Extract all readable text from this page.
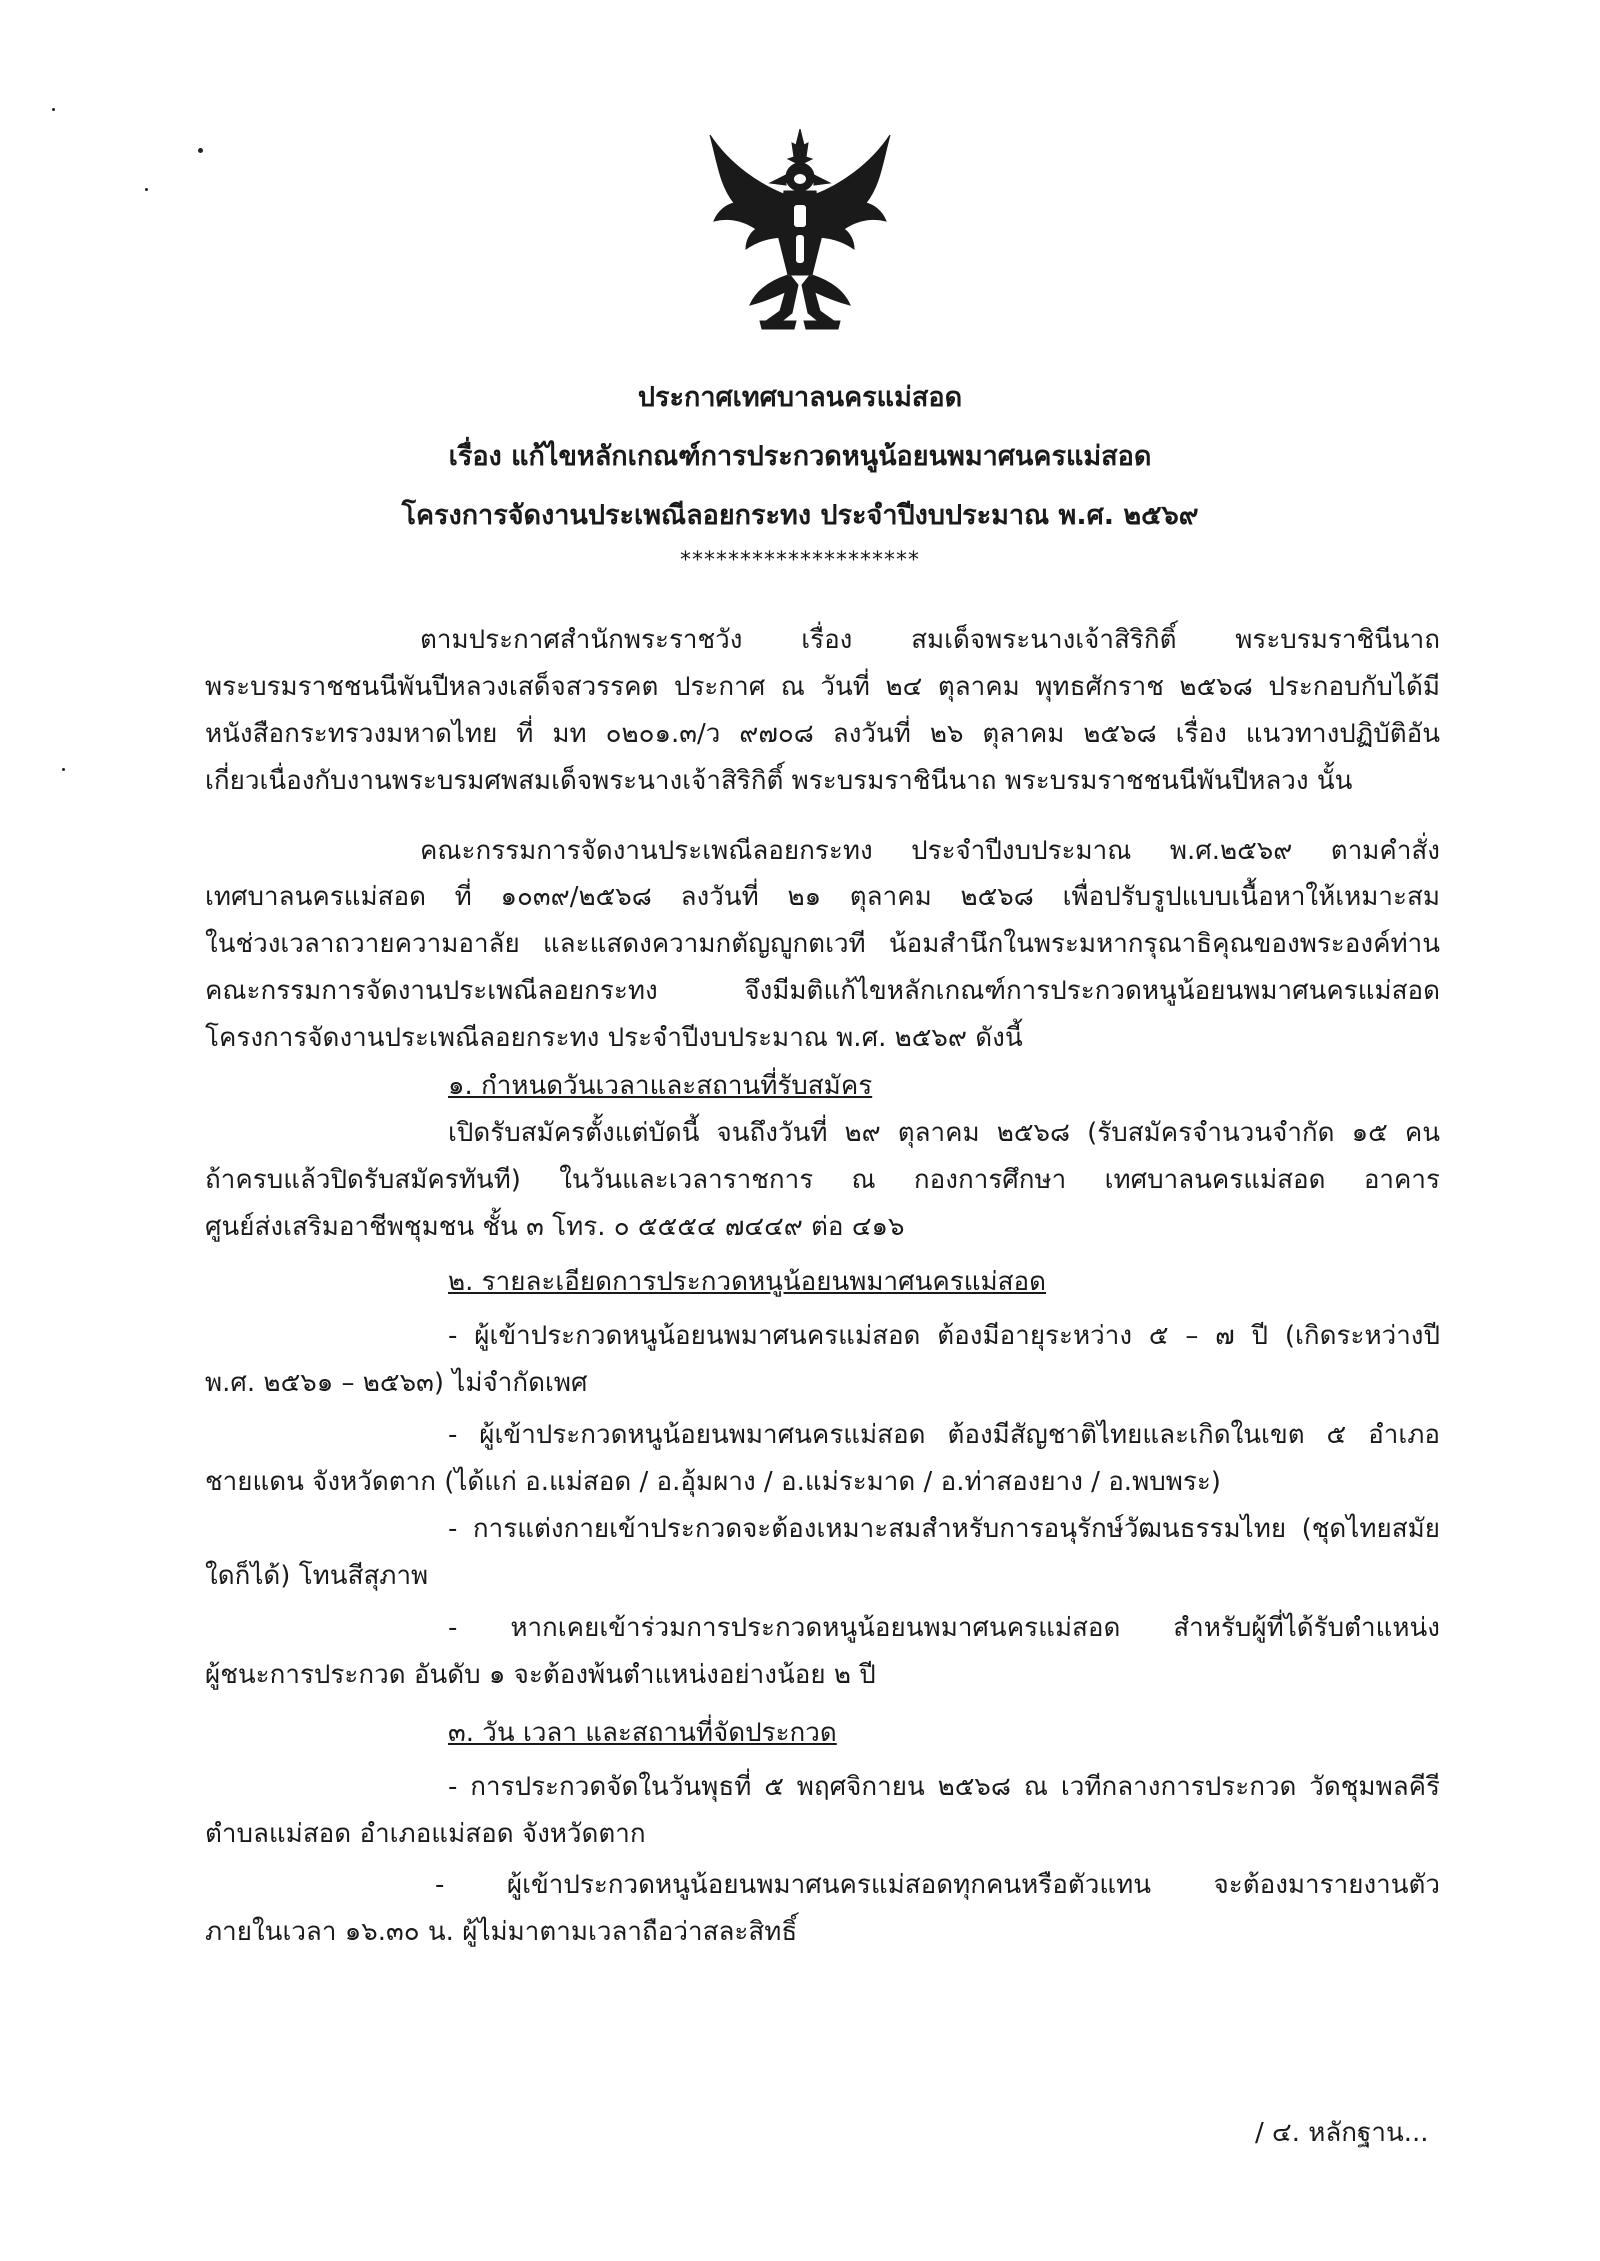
ประกาศเทศบาลนครแม่สอด
เรื่อง แก้ไขหลักเกณฑ์การประกวดหนูน้อยนพมาศนครแม่สอด
โครงการจัดงานประเพณีลอยกระทง ประจำปีงบประมาณ พ.ศ. ๒๕๖๙
********************
ตามประกาศสำนักพระราชวัง เรื่อง สมเด็จพระนางเจ้าสิริกิติ์ พระบรมราชินีนาถ
พระบรมราชชนนีพันปีหลวงเสด็จสวรรคต ประกาศ ณ วันที่ ๒๔ ตุลาคม พุทธศักราช ๒๕๖๘ ประกอบกับได้มี
หนังสือกระทรวงมหาดไทย ที่ มท ๐๒๐๑.๓/ว ๙๗๐๘ ลงวันที่ ๒๖ ตุลาคม ๒๕๖๘ เรื่อง แนวทางปฏิบัติอัน
เกี่ยวเนื่องกับงานพระบรมศพสมเด็จพระนางเจ้าสิริกิติ์ พระบรมราชินีนาถ พระบรมราชชนนีพันปีหลวง นั้น
คณะกรรมการจัดงานประเพณีลอยกระทง ประจำปีงบประมาณ พ.ศ.๒๕๖๙ ตามคำสั่ง
เทศบาลนครแม่สอด ที่ ๑๐๓๙/๒๕๖๘ ลงวันที่ ๒๑ ตุลาคม ๒๕๖๘ เพื่อปรับรูปแบบเนื้อหาให้เหมาะสม
ในช่วงเวลาถวายความอาลัย และแสดงความกตัญญูกตเวที น้อมสำนึกในพระมหากรุณาธิคุณของพระองค์ท่าน
คณะกรรมการจัดงานประเพณีลอยกระทง จึงมีมติแก้ไขหลักเกณฑ์การประกวดหนูน้อยนพมาศนครแม่สอด
โครงการจัดงานประเพณีลอยกระทง ประจำปีงบประมาณ พ.ศ. ๒๕๖๙ ดังนี้
๑. กำหนดวันเวลาและสถานที่รับสมัคร
เปิดรับสมัครตั้งแต่บัดนี้ จนถึงวันที่ ๒๙ ตุลาคม ๒๕๖๘ (รับสมัครจำนวนจำกัด ๑๕ คน
ถ้าครบแล้วปิดรับสมัครทันที) ในวันและเวลาราชการ ณ กองการศึกษา เทศบาลนครแม่สอด อาคาร
ศูนย์ส่งเสริมอาชีพชุมชน ชั้น ๓ โทร. ๐ ๕๕๕๔ ๗๔๔๙ ต่อ ๔๑๖
๒. รายละเอียดการประกวดหนูน้อยนพมาศนครแม่สอด
- ผู้เข้าประกวดหนูน้อยนพมาศนครแม่สอด ต้องมีอายุระหว่าง ๕ – ๗ ปี (เกิดระหว่างปี
พ.ศ. ๒๕๖๑ – ๒๕๖๓) ไม่จำกัดเพศ
- ผู้เข้าประกวดหนูน้อยนพมาศนครแม่สอด ต้องมีสัญชาติไทยและเกิดในเขต ๕ อำเภอ
ชายแดน จังหวัดตาก (ได้แก่ อ.แม่สอด / อ.อุ้มผาง / อ.แม่ระมาด / อ.ท่าสองยาง / อ.พบพระ)
- การแต่งกายเข้าประกวดจะต้องเหมาะสมสำหรับการอนุรักษ์วัฒนธรรมไทย (ชุดไทยสมัย
ใดก็ได้) โทนสีสุภาพ
- หากเคยเข้าร่วมการประกวดหนูน้อยนพมาศนครแม่สอด สำหรับผู้ที่ได้รับตำแหน่ง
ผู้ชนะการประกวด อันดับ ๑ จะต้องพ้นตำแหน่งอย่างน้อย ๒ ปี
๓. วัน เวลา และสถานที่จัดประกวด
- การประกวดจัดในวันพุธที่ ๕ พฤศจิกายน ๒๕๖๘ ณ เวทีกลางการประกวด วัดชุมพลคีรี
ตำบลแม่สอด อำเภอแม่สอด จังหวัดตาก
- ผู้เข้าประกวดหนูน้อยนพมาศนครแม่สอดทุกคนหรือตัวแทน จะต้องมารายงานตัว
ภายในเวลา ๑๖.๓๐ น. ผู้ไม่มาตามเวลาถือว่าสละสิทธิ์
/ ๔. หลักฐาน...
